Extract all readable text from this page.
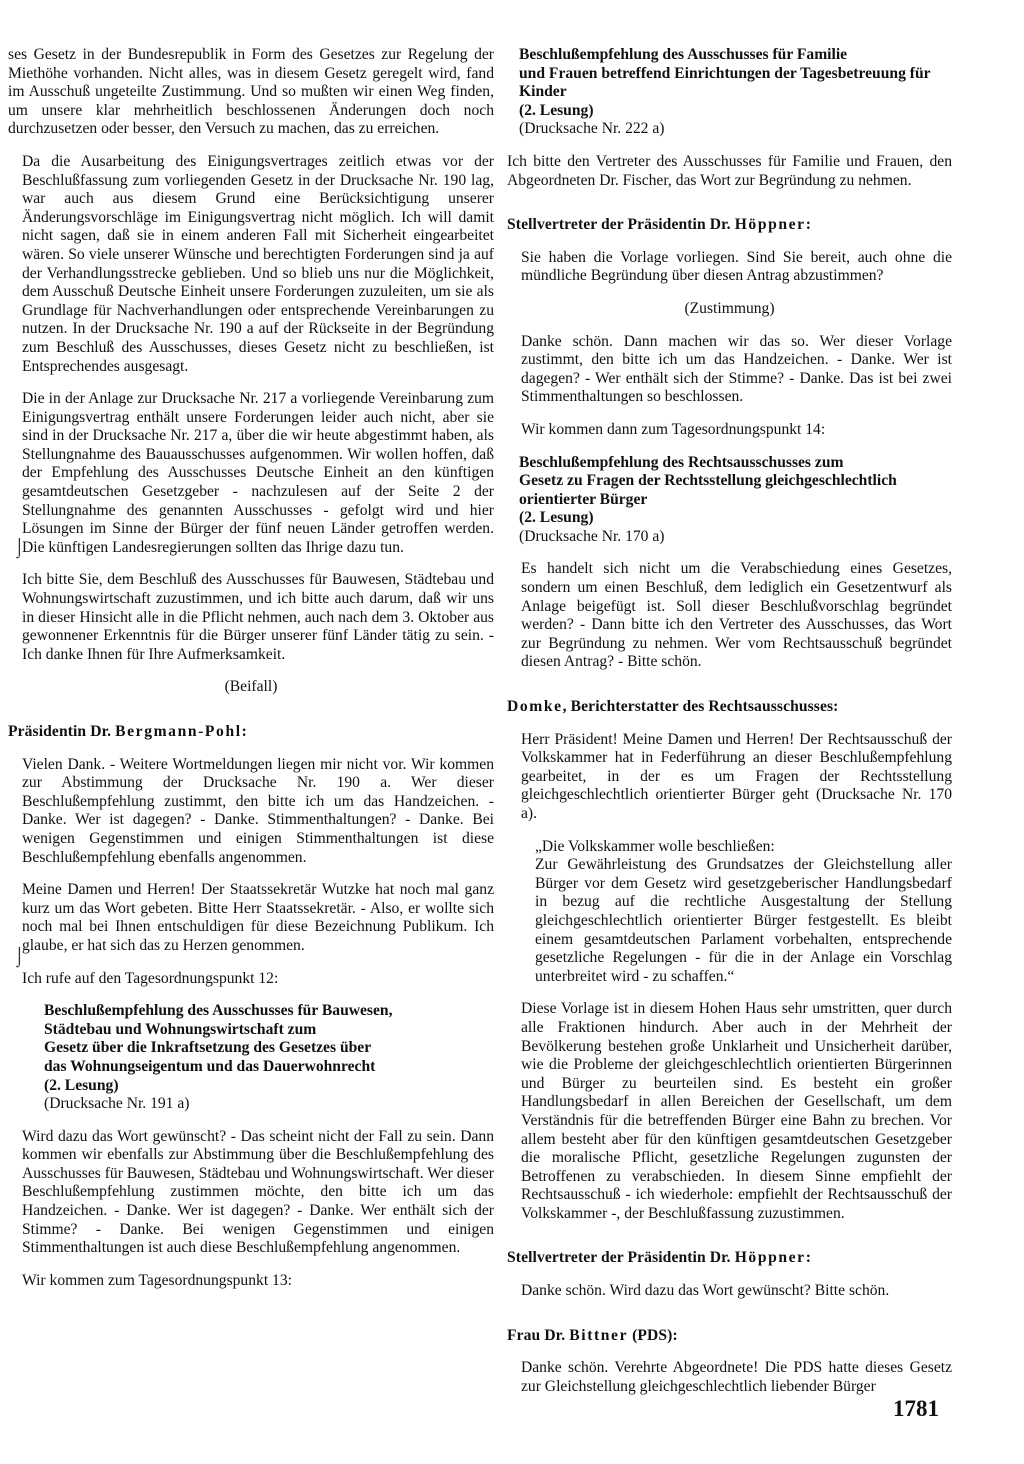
ses Gesetz in der Bundesrepublik in Form des Gesetzes zur Regelung der Miethöhe vorhanden. Nicht alles, was in diesem Gesetz geregelt wird, fand im Ausschuß ungeteilte Zustimmung. Und so mußten wir einen Weg finden, um unsere klar mehrheitlich beschlossenen Änderungen doch noch durchzusetzen oder besser, den Versuch zu machen, das zu erreichen.

Da die Ausarbeitung des Einigungsvertrages zeitlich etwas vor der Beschlußfassung zum vorliegenden Gesetz in der Drucksache Nr. 190 lag, war auch aus diesem Grund eine Berücksichtigung unserer Änderungsvorschläge im Einigungsvertrag nicht möglich. Ich will damit nicht sagen, daß sie in einem anderen Fall mit Sicherheit eingearbeitet wären. So viele unserer Wünsche und berechtigten Forderungen sind ja auf der Verhandlungsstrecke geblieben. Und so blieb uns nur die Möglichkeit, dem Ausschuß Deutsche Einheit unsere Forderungen zuzuleiten, um sie als Grundlage für Nachverhandlungen oder entsprechende Vereinbarungen zu nutzen. In der Drucksache Nr. 190 a auf der Rückseite in der Begründung zum Beschluß des Ausschusses, dieses Gesetz nicht zu beschließen, ist Entsprechendes ausgesagt.

Die in der Anlage zur Drucksache Nr. 217 a vorliegende Vereinbarung zum Einigungsvertrag enthält unsere Forderungen leider auch nicht, aber sie sind in der Drucksache Nr. 217 a, über die wir heute abgestimmt haben, als Stellungnahme des Bauausschusses aufgenommen. Wir wollen hoffen, daß der Empfehlung des Ausschusses Deutsche Einheit an den künftigen gesamtdeutschen Gesetzgeber - nachzulesen auf der Seite 2 der Stellungnahme des genannten Ausschusses - gefolgt wird und hier Lösungen im Sinne der Bürger der fünf neuen Länder getroffen werden. Die künftigen Landesregierungen sollten das Ihrige dazu tun.

Ich bitte Sie, dem Beschluß des Ausschusses für Bauwesen, Städtebau und Wohnungswirtschaft zuzustimmen, und ich bitte auch darum, daß wir uns in dieser Hinsicht alle in die Pflicht nehmen, auch nach dem 3. Oktober aus gewonnener Erkenntnis für die Bürger unserer fünf Länder tätig zu sein. - Ich danke Ihnen für Ihre Aufmerksamkeit.

(Beifall)

Präsidentin Dr. Bergmann-Pohl:

Vielen Dank. - Weitere Wortmeldungen liegen mir nicht vor. Wir kommen zur Abstimmung der Drucksache Nr. 190 a. Wer dieser Beschlußempfehlung zustimmt, den bitte ich um das Handzeichen. - Danke. Wer ist dagegen? - Danke. Stimmenthaltungen? - Danke. Bei wenigen Gegenstimmen und einigen Stimmenthaltungen ist diese Beschlußempfehlung ebenfalls angenommen.

Meine Damen und Herren! Der Staatssekretär Wutzke hat noch mal ganz kurz um das Wort gebeten. Bitte Herr Staatssekretär. - Also, er wollte sich noch mal bei Ihnen entschuldigen für diese Bezeichnung Publikum. Ich glaube, er hat sich das zu Herzen genommen.

Ich rufe auf den Tagesordnungspunkt 12:

Beschlußempfehlung des Ausschusses für Bauwesen,
Städtebau und Wohnungswirtschaft zum
Gesetz über die Inkraftsetzung des Gesetzes über
das Wohnungseigentum und das Dauerwohnrecht
(2. Lesung)
(Drucksache Nr. 191 a)

Wird dazu das Wort gewünscht? - Das scheint nicht der Fall zu sein. Dann kommen wir ebenfalls zur Abstimmung über die Beschlußempfehlung des Ausschusses für Bauwesen, Städtebau und Wohnungswirtschaft. Wer dieser Beschlußempfehlung zustimmen möchte, den bitte ich um das Handzeichen. - Danke. Wer ist dagegen? - Danke. Wer enthält sich der Stimme? - Danke. Bei wenigen Gegenstimmen und einigen Stimmenthaltungen ist auch diese Beschlußempfehlung angenommen.

Wir kommen zum Tagesordnungspunkt 13:

Beschlußempfehlung des Ausschusses für Familie
und Frauen betreffend Einrichtungen der Tagesbetreuung für Kinder
(2. Lesung)
(Drucksache Nr. 222 a)

Ich bitte den Vertreter des Ausschusses für Familie und Frauen, den Abgeordneten Dr. Fischer, das Wort zur Begründung zu nehmen.

Stellvertreter der Präsidentin Dr. Höppner:

Sie haben die Vorlage vorliegen. Sind Sie bereit, auch ohne die mündliche Begründung über diesen Antrag abzustimmen?

(Zustimmung)

Danke schön. Dann machen wir das so. Wer dieser Vorlage zustimmt, den bitte ich um das Handzeichen. - Danke. Wer ist dagegen? - Wer enthält sich der Stimme? - Danke. Das ist bei zwei Stimmenthaltungen so beschlossen.

Wir kommen dann zum Tagesordnungspunkt 14:

Beschlußempfehlung des Rechtsausschusses zum
Gesetz zu Fragen der Rechtsstellung gleichgeschlechtlich orientierter Bürger
(2. Lesung)
(Drucksache Nr. 170 a)

Es handelt sich nicht um die Verabschiedung eines Gesetzes, sondern um einen Beschluß, dem lediglich ein Gesetzentwurf als Anlage beigefügt ist. Soll dieser Beschlußvorschlag begründet werden? - Dann bitte ich den Vertreter des Ausschusses, das Wort zur Begründung zu nehmen. Wer vom Rechtsausschuß begründet diesen Antrag? - Bitte schön.

Domke, Berichterstatter des Rechtsausschusses:

Herr Präsident! Meine Damen und Herren! Der Rechtsausschuß der Volkskammer hat in Federführung an dieser Beschlußempfehlung gearbeitet, in der es um Fragen der Rechtsstellung gleichgeschlechtlich orientierter Bürger geht (Drucksache Nr. 170 a).

„Die Volkskammer wolle beschließen:
Zur Gewährleistung des Grundsatzes der Gleichstellung aller Bürger vor dem Gesetz wird gesetzgeberischer Handlungsbedarf in bezug auf die rechtliche Ausgestaltung der Stellung gleichgeschlechtlich orientierter Bürger festgestellt. Es bleibt einem gesamtdeutschen Parlament vorbehalten, entsprechende gesetzliche Regelungen - für die in der Anlage ein Vorschlag unterbreitet wird - zu schaffen.“

Diese Vorlage ist in diesem Hohen Haus sehr umstritten, quer durch alle Fraktionen hindurch. Aber auch in der Mehrheit der Bevölkerung bestehen große Unklarheit und Unsicherheit darüber, wie die Probleme der gleichgeschlechtlich orientierten Bürgerinnen und Bürger zu beurteilen sind. Es besteht ein großer Handlungsbedarf in allen Bereichen der Gesellschaft, um dem Verständnis für die betreffenden Bürger eine Bahn zu brechen. Vor allem besteht aber für den künftigen gesamtdeutschen Gesetzgeber die moralische Pflicht, gesetzliche Regelungen zugunsten der Betroffenen zu verabschieden. In diesem Sinne empfiehlt der Rechtsausschuß - ich wiederhole: empfiehlt der Rechtsausschuß der Volkskammer -, der Beschlußfassung zuzustimmen.

Stellvertreter der Präsidentin Dr. Höppner:

Danke schön. Wird dazu das Wort gewünscht? Bitte schön.

Frau Dr. Bittner (PDS):

Danke schön. Verehrte Abgeordnete! Die PDS hatte dieses Gesetz zur Gleichstellung gleichgeschlechtlich liebender Bürger

⌡
⌡
1781
